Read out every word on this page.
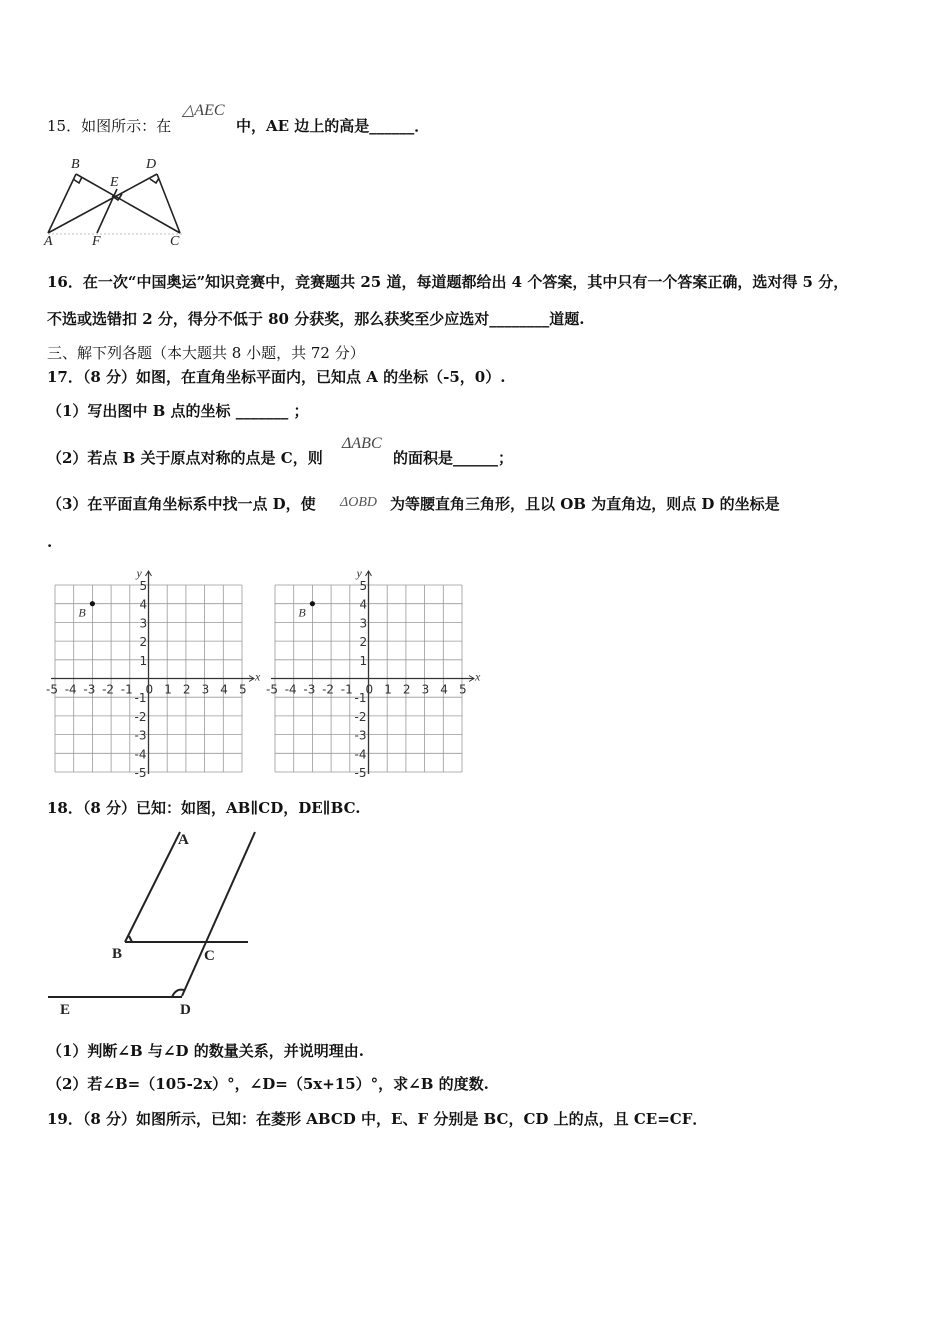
15．如图所示：在
△AEC
中，AE 边上的高是______．
B	D
E
A	F	C
16．在一次“中国奥运”知识竞赛中，竞赛题共 25 道，每道题都给出 4 个答案，其中只有一个答案正确，选对得 5 分，
不选或选错扣 2 分，得分不低于 80 分获奖，那么获奖至少应选对________道题.
三、解下列各题（本大题共 8 小题，共 72 分）
17．（8 分）如图，在直角坐标平面内，已知点 A 的坐标（-5，0）.
（1）写出图中 B 点的坐标 _______ ；
（2）若点 B 关于原点对称的点是 C，则
ΔABC
的面积是______；
（3）在平面直角坐标系中找一点 D，使 ΔOBD 为等腰直角三角形，且以 OB 为直角边，则点 D 的坐标是
.
x
y
-5 -4 -3 -2 -1 0 1 2 3 4 5
5
4
3
2
1
-1
-2
-3
-4
-5
B
x
y
-5 -4 -3 -2 -1 0 1 2 3 4 5
5
4
3
2
1
-1
-2
-3
-4
-5
B
18．（8 分）已知：如图，AB∥CD，DE∥BC.
A
B	C
D
E
（1）判断∠B 与∠D 的数量关系，并说明理由.
（2）若∠B=（105-2x）°，∠D=（5x+15）°，求∠B 的度数.
19．（8 分）如图所示，已知：在菱形 ABCD 中，E、F 分别是 BC，CD 上的点，且 CE=CF．
